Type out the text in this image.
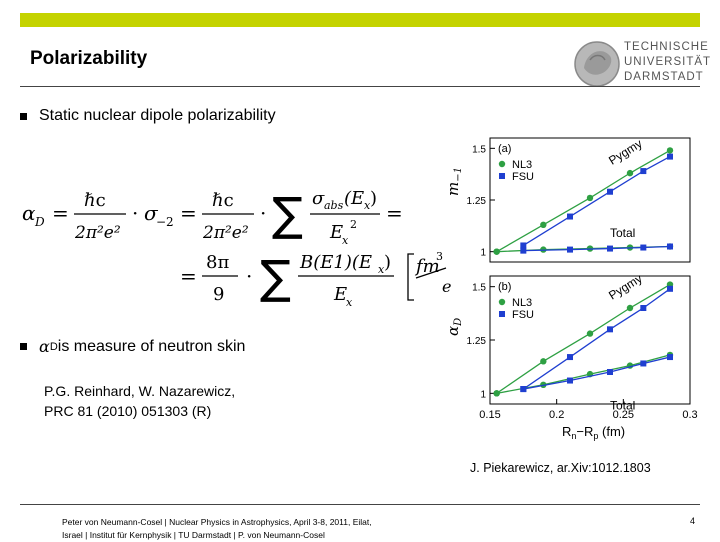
Polarizability
TECHNISCHE
UNIVERSITÄT
DARMSTADT
Static nuclear dipole polarizability
α D =
ℏc
2π²e²
· σ
−2 =
ℏc
2π²e²
· ∑ σ abs (E x )
E
x
2 =
=
8π
9
· ∑ B(E1)(E x )
E
x
fm
3
e
α D is measure of neutron skin
P.G. Reinhard, W. Nazarewicz,
PRC 81 (2010) 051303 (R)
1
1.25
1.5 (a)
$m_{-1}$
NL3
FSU
Pygmy
Total
1
1.25
1.5
0.15	0.2	0.25	0.3
(b)
$\alpha_D$
NL3
FSU
Pygmy
Total
$R_n-R_p$ (fm)
J. Piekarewicz, ar.Xiv:1012.1803
Peter von Neumann-Cosel | Nuclear Physics in Astrophysics, April 3-8, 2011, Eilat,
Israel | Institut für Kernphysik | TU Darmstadt | P. von Neumann-Cosel
4
